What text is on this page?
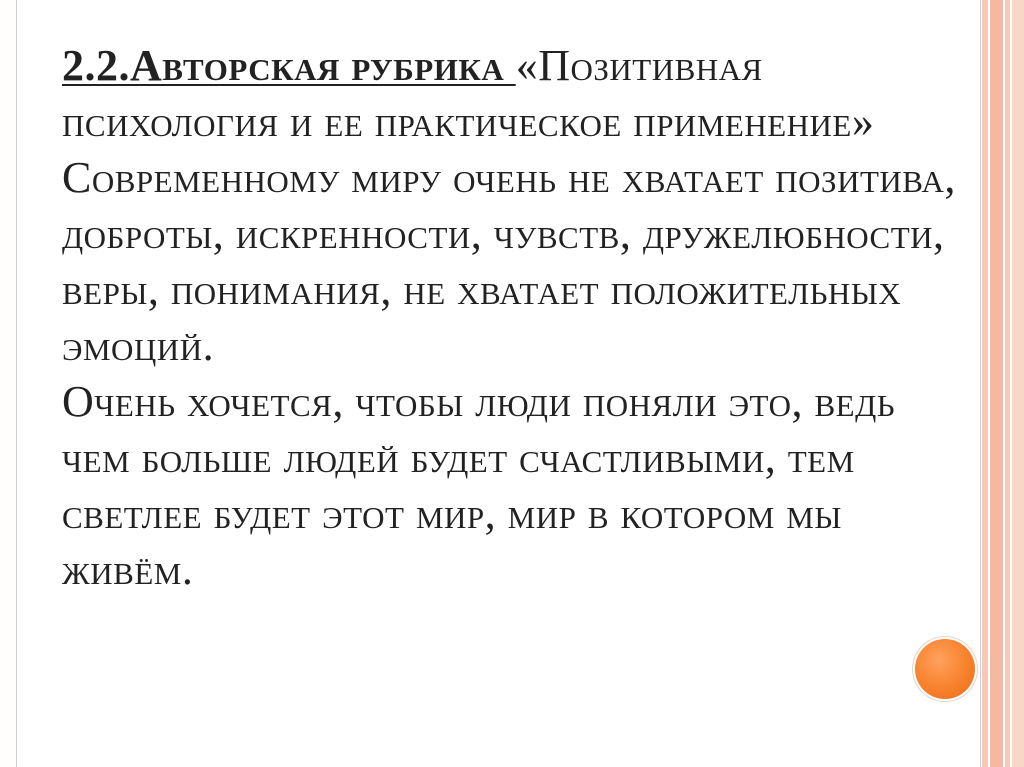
2.2.Авторская рубрика «Позитивная психология и ее практическое применение»

Современному миру очень не хватает позитива, доброты, искренности, чувств, дружелюбности, веры, понимания, не хватает положительных эмоций.

Очень хочется, чтобы люди поняли это, ведь чем больше людей будет счастливыми, тем светлее будет этот мир, мир в котором мы живём.
